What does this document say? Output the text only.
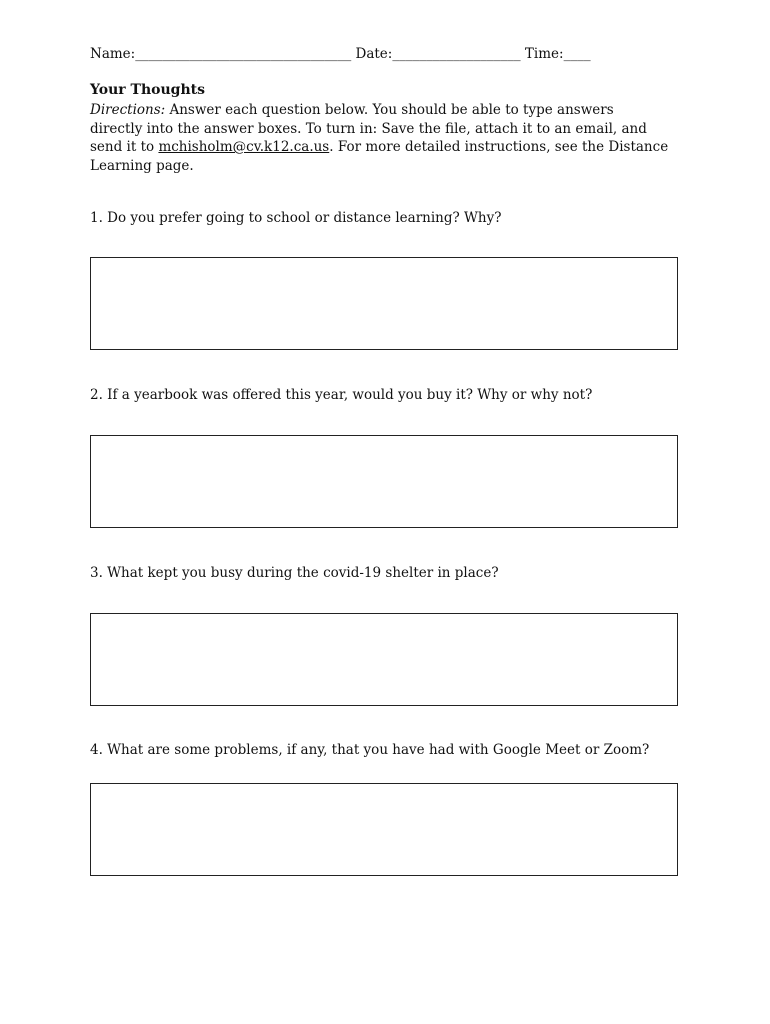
Name:________________________________ Date:___________________ Time:____
Your Thoughts
Directions: Answer each question below. You should be able to type answers directly into the answer boxes. To turn in: Save the file, attach it to an email, and send it to mchisholm@cv.k12.ca.us. For more detailed instructions, see the Distance Learning page.
1. Do you prefer going to school or distance learning? Why?
2. If a yearbook was offered this year, would you buy it? Why or why not?
3. What kept you busy during the covid-19 shelter in place?
4. What are some problems, if any, that you have had with Google Meet or Zoom?
